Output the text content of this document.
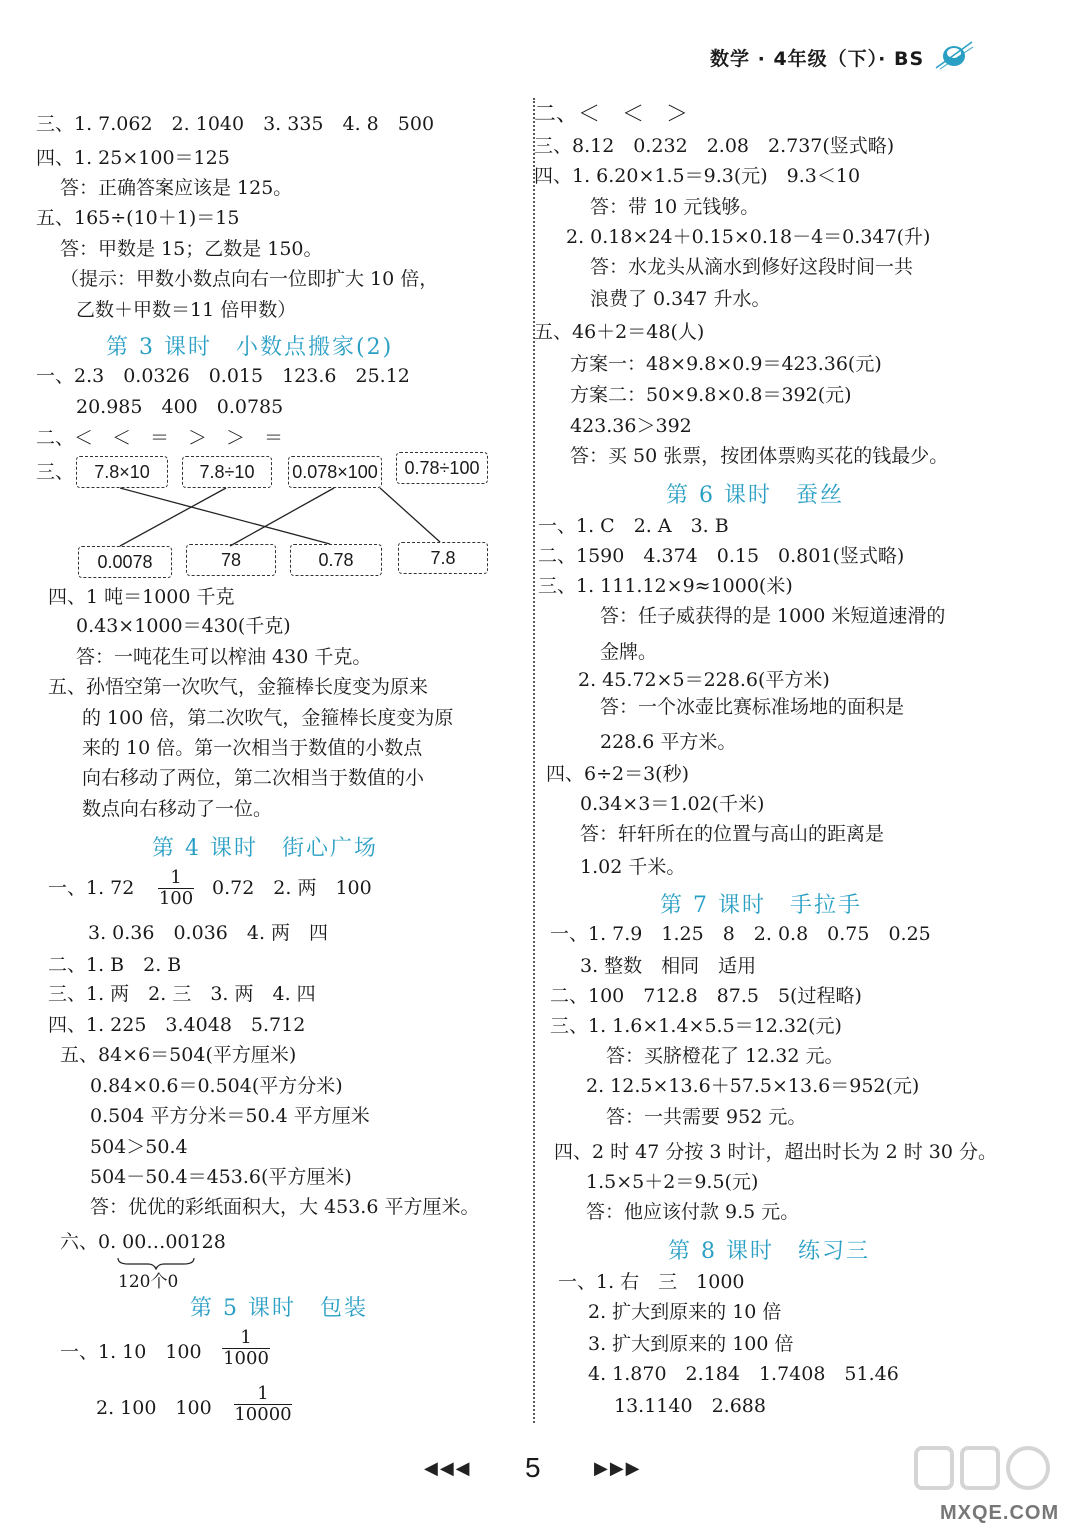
数学 · 4年级（下）· BS
三、1. 7.062　2. 1040　3. 335　4. 8　500
四、1. 25×100＝125
答：正确答案应该是 125。
五、165÷(10＋1)＝15
答：甲数是 15；乙数是 150。
（提示：甲数小数点向右一位即扩大 10 倍，
乙数＋甲数＝11 倍甲数）
第 3 课时　小数点搬家(2)
一、2.3　0.0326　0.015　123.6　25.12
20.985　400　0.0785
二、＜　＜　＝　＞　＞　＝
三、	7.8×10	7.8÷10	0.078×100	0.78÷100
0.0078	78	0.78	7.8
四、1 吨＝1000 千克
0.43×1000＝430(千克)
答：一吨花生可以榨油 430 千克。
五、孙悟空第一次吹气，金箍棒长度变为原来
的 100 倍，第二次吹气，金箍棒长度变为原
来的 10 倍。第一次相当于数值的小数点
向右移动了两位，第二次相当于数值的小
数点向右移动了一位。
第 4 课时　街心广场
一、1. $72 \frac{1}{100} 0.72$　2. 两　100
3. 0.36　0.036　4. 两　四
二、1. B　2. B
三、1. 两　2. 三　3. 两　4. 四
四、1. 225　3.4048　5.712
五、84×6＝504(平方厘米)
0.84×0.6＝0.504(平方分米)
0.504 平方分米＝50.4 平方厘米
504＞50.4
504－50.4＝453.6(平方厘米)
答：优优的彩纸面积大，大 453.6 平方厘米。
六、0. 00…00128
120个0
第 5 课时　包装
一、1. 10　$100 \frac{1}{1000}$
2. 100　$100 \frac{1}{10000}$
二、＜　＜　＞
三、8.12　0.232　2.08　2.737(竖式略)
四、1. 6.20×1.5＝9.3(元)　9.3＜10
答：带 10 元钱够。
2. 0.18×24＋0.15×0.18－4＝0.347(升)
答：水龙头从滴水到修好这段时间一共
浪费了 0.347 升水。
五、46＋2＝48(人)
方案一：48×9.8×0.9＝423.36(元)
方案二：50×9.8×0.8＝392(元)
423.36＞392
答：买 50 张票，按团体票购买花的钱最少。
第 6 课时　蚕丝
一、1. C　2. A　3. B
二、1590　4.374　0.15　0.801(竖式略)
三、1. 111.12×9≈1000(米)
答：任子威获得的是 1000 米短道速滑的
金牌。
2. 45.72×5＝228.6(平方米)
答：一个冰壶比赛标准场地的面积是
228.6 平方米。
四、6÷2＝3(秒)
0.34×3＝1.02(千米)
答：轩轩所在的位置与高山的距离是
1.02 千米。
第 7 课时　手拉手
一、1. 7.9　1.25　8　2. 0.8　0.75　0.25
3. 整数　相同　适用
二、100　712.8　87.5　5(过程略)
三、1. 1.6×1.4×5.5＝12.32(元)
答：买脐橙花了 12.32 元。
2. 12.5×13.6＋57.5×13.6＝952(元)
答：一共需要 952 元。
四、2 时 47 分按 3 时计，超出时长为 2 时 30 分。
1.5×5＋2＝9.5(元)
答：他应该付款 9.5 元。
第 8 课时　练习三
一、1. 右　三　1000
2. 扩大到原来的 10 倍
3. 扩大到原来的 100 倍
4. 1.870　2.184　1.7408　51.46
13.1140　2.688
◀◀◀ 5	▶▶▶
MXQE.COM
